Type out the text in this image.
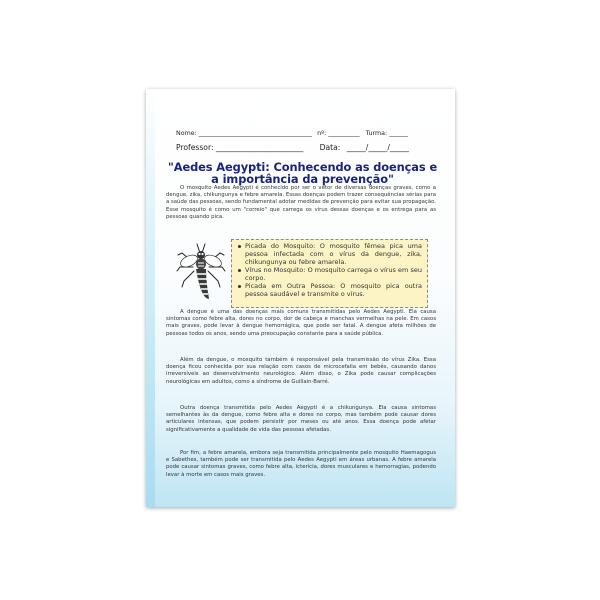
Nome: ____________________________________ nº: __________ Turma: ______
Professor: _______________________ Data: _____/_____/_____
"Aedes Aegypti: Conhecendo as doenças e a importância da prevenção"
O mosquito Aedes Aegypti é conhecido por ser o vetor de diversas doenças graves, como a dengue, zika, chikungunya e febre amarela. Essas doenças podem trazer consequências sérias para a saúde das pessoas, sendo fundamental adotar medidas de prevenção para evitar sua propagação. Esse mosquito é como um "correio" que carrega os vírus dessas doenças e os entrega para as pessoas quando pica.
Picada do Mosquito: O mosquito fêmea pica uma pessoa infectada com o vírus da dengue, zika, chikungunya ou febre amarela.
Vírus no Mosquito: O mosquito carrega o vírus em seu corpo.
Picada em Outra Pessoa: O mosquito pica outra pessoa saudável e transmite o vírus.
A dengue é uma das doenças mais comuns transmitidas pelo Aedes Aegypti. Ela causa sintomas como febre alta, dores no corpo, dor de cabeça e manchas vermelhas na pele. Em casos mais graves, pode levar à dengue hemorrágica, que pode ser fatal. A dengue afeta milhões de pessoas todos os anos, sendo uma preocupação constante para a saúde pública.
Além da dengue, o mosquito também é responsável pela transmissão do vírus Zika. Essa doença ficou conhecida por sua relação com casos de microcefalia em bebês, causando danos irreversíveis ao desenvolvimento neurológico. Além disso, o Zika pode causar complicações neurológicas em adultos, como a síndrome de Guillain-Barré.
Outra doença transmitida pelo Aedes Aegypti é a chikungunya. Ela causa sintomas semelhantes às da dengue, como febre alta e dores no corpo, mas também pode causar dores articulares intensas, que podem persistir por meses ou até anos. Essa doença pode afetar significativamente a qualidade de vida das pessoas afetadas.
Por fim, a febre amarela, embora seja transmitida principalmente pelo mosquito Haemagogus e Sabethes, também pode ser transmitida pelo Aedes Aegypti em áreas urbanas. A febre amarela pode causar sintomas graves, como febre alta, icterícia, dores musculares e hemorragias, podendo levar à morte em casos mais graves.
